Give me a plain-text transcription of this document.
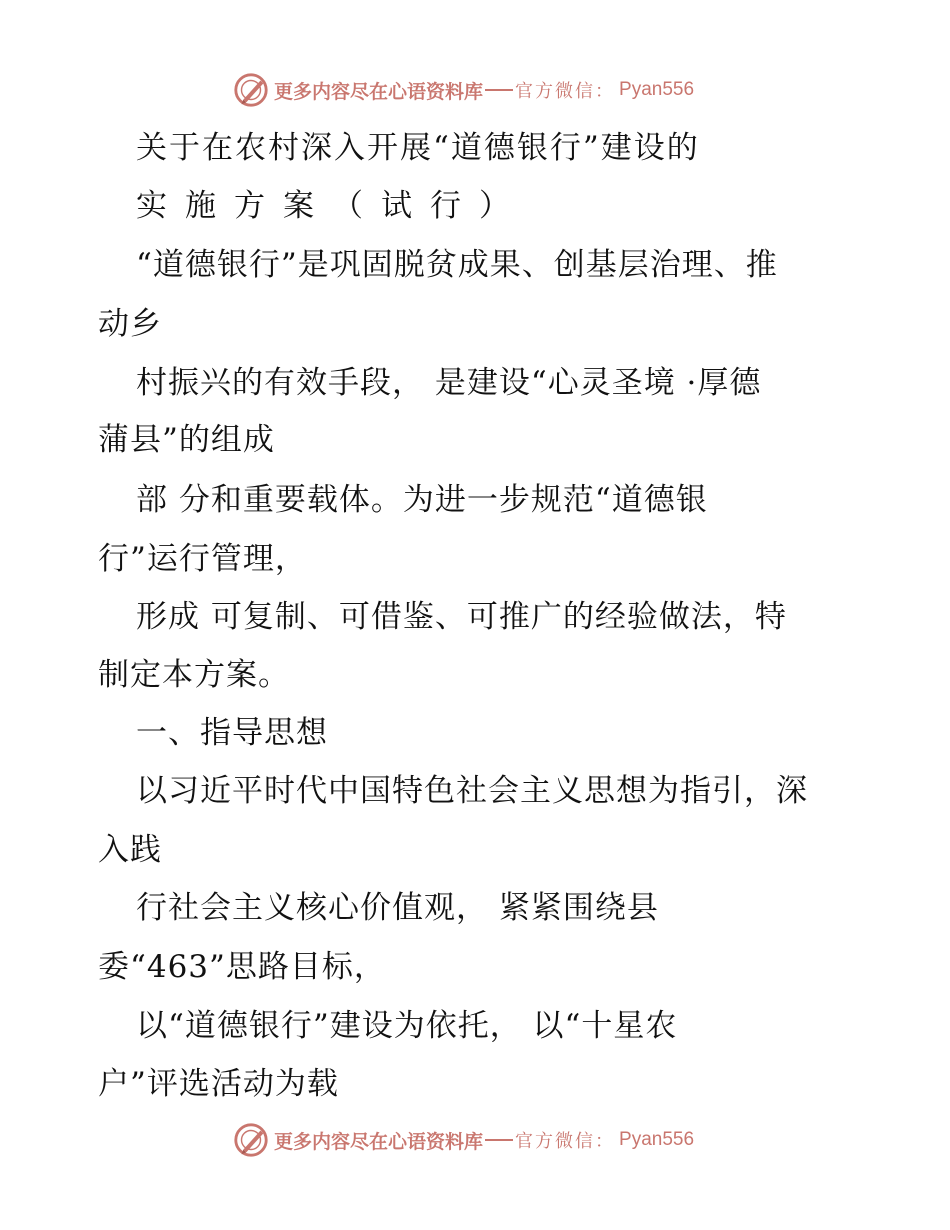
更多内容尽在心语资料库 官方微信： Pyan556
关于在农村深入开展“道德银行”建设的
实施方案（试行）
“道德银行”是巩固脱贫成果、创基层治理、推
动乡
村振兴的有效手段， 是建设“心灵圣境 ·厚德
蒲县”的组成
部 分和重要载体。为进一步规范“道德银
行”运行管理，
形成 可复制、可借鉴、可推广的经验做法，特
制定本方案。
一、指导思想
以习近平时代中国特色社会主义思想为指引，深
入践
行社会主义核心价值观， 紧紧围绕县
委“463”思路目标，
以“道德银行”建设为依托， 以“十星农
户”评选活动为载
更多内容尽在心语资料库 官方微信： Pyan556
